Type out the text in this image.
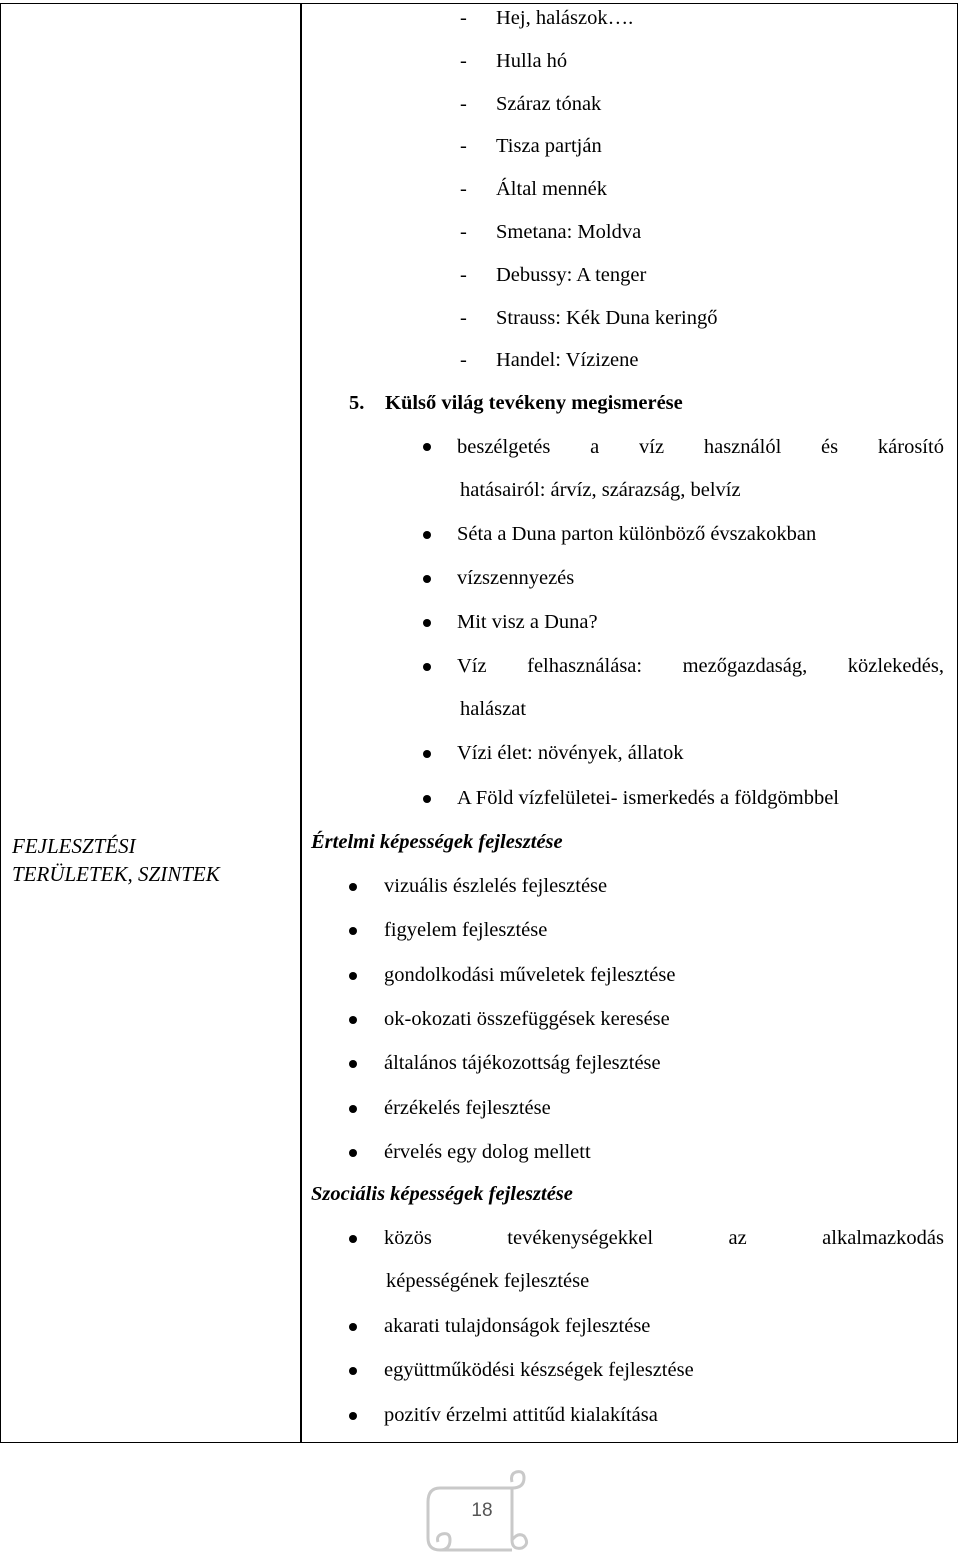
FEJLESZTÉSI
TERÜLETEK, SZINTEK
- Hej, halászok….
- Hulla hó
- Száraz tónak
- Tisza partján
- Által mennék
- Smetana: Moldva
- Debussy: A tenger
- Strauss: Kék Duna keringő
- Handel: Vízizene
5. Külső világ tevékeny megismerése
beszélgetés a víz használól és károsító
hatásairól: árvíz, szárazság, belvíz
Séta a Duna parton különböző évszakokban
vízszennyezés
Mit visz a Duna?
Víz felhasználása: mezőgazdaság, közlekedés,
halászat
Vízi élet: növények, állatok
A Föld vízfelületei- ismerkedés a földgömbbel
Értelmi képességek fejlesztése
vizuális észlelés fejlesztése
figyelem fejlesztése
gondolkodási műveletek fejlesztése
ok-okozati összefüggések keresése
általános tájékozottság fejlesztése
érzékelés fejlesztése
érvelés egy dolog mellett
Szociális képességek fejlesztése
közös	tevékenységekkel	az	alkalmazkodás
képességének fejlesztése
akarati tulajdonságok fejlesztése
együttműködési készségek fejlesztése
pozitív érzelmi attitűd kialakítása
18
